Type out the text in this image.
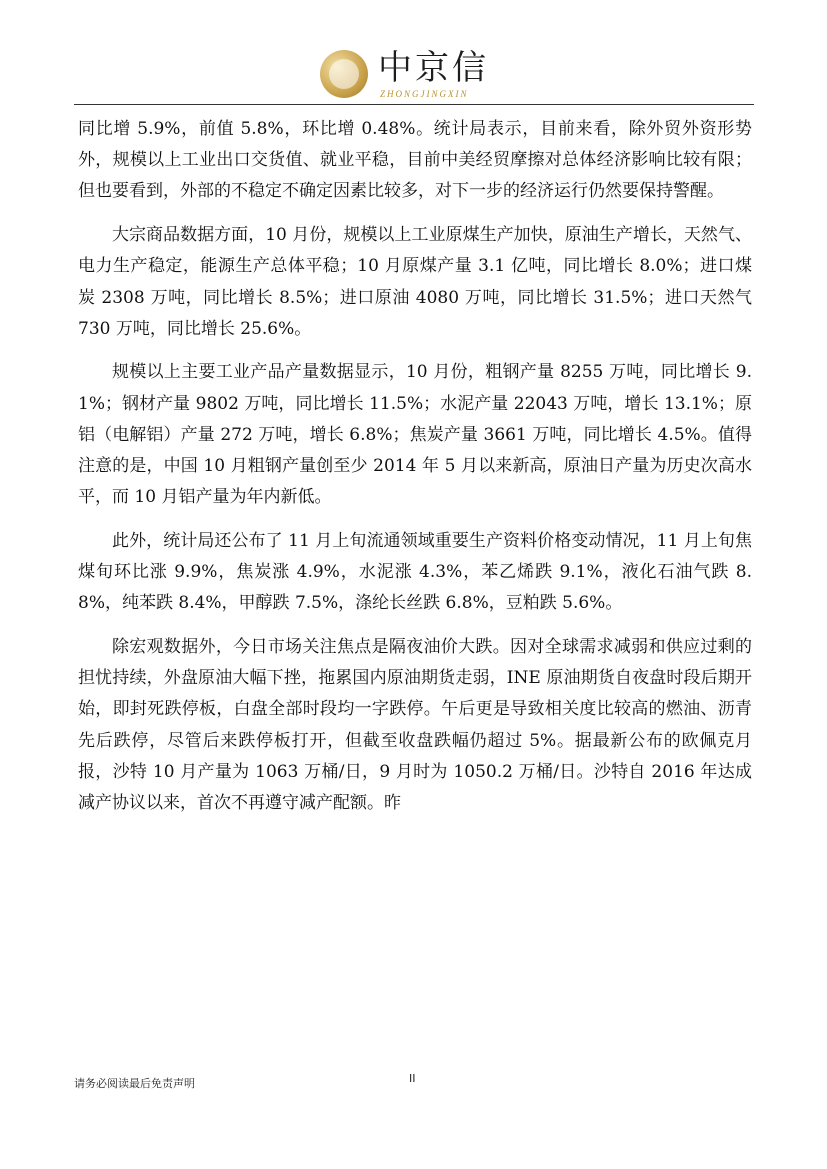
中京信
ZHONGJINGXIN

同比增 5.9%，前值 5.8%，环比增 0.48%。统计局表示，目前来看，除外贸外资形势外，规模以上工业出口交货值、就业平稳，目前中美经贸摩擦对总体经济影响比较有限；但也要看到，外部的不稳定不确定因素比较多，对下一步的经济运行仍然要保持警醒。

大宗商品数据方面，10 月份，规模以上工业原煤生产加快，原油生产增长，天然气、电力生产稳定，能源生产总体平稳；10 月原煤产量 3.1 亿吨，同比增长 8.0%；进口煤炭 2308 万吨，同比增长 8.5%；进口原油 4080 万吨，同比增长 31.5%；进口天然气 730 万吨，同比增长 25.6%。

规模以上主要工业产品产量数据显示，10 月份，粗钢产量 8255 万吨，同比增长 9.1%；钢材产量 9802 万吨，同比增长 11.5%；水泥产量 22043 万吨，增长 13.1%；原铝（电解铝）产量 272 万吨，增长 6.8%；焦炭产量 3661 万吨，同比增长 4.5%。值得注意的是，中国 10 月粗钢产量创至少 2014 年 5 月以来新高，原油日产量为历史次高水平，而 10 月铝产量为年内新低。

此外，统计局还公布了 11 月上旬流通领域重要生产资料价格变动情况，11 月上旬焦煤旬环比涨 9.9%，焦炭涨 4.9%，水泥涨 4.3%，苯乙烯跌 9.1%，液化石油气跌 8.8%，纯苯跌 8.4%，甲醇跌 7.5%，涤纶长丝跌 6.8%，豆粕跌 5.6%。

除宏观数据外，今日市场关注焦点是隔夜油价大跌。因对全球需求减弱和供应过剩的担忧持续，外盘原油大幅下挫，拖累国内原油期货走弱，INE 原油期货自夜盘时段后期开始，即封死跌停板，白盘全部时段均一字跌停。午后更是导致相关度比较高的燃油、沥青先后跌停，尽管后来跌停板打开，但截至收盘跌幅仍超过 5%。据最新公布的欧佩克月报，沙特 10 月产量为 1063 万桶/日，9 月时为 1050.2 万桶/日。沙特自 2016 年达成减产协议以来，首次不再遵守减产配额。昨

请务必阅读最后免责声明	II
